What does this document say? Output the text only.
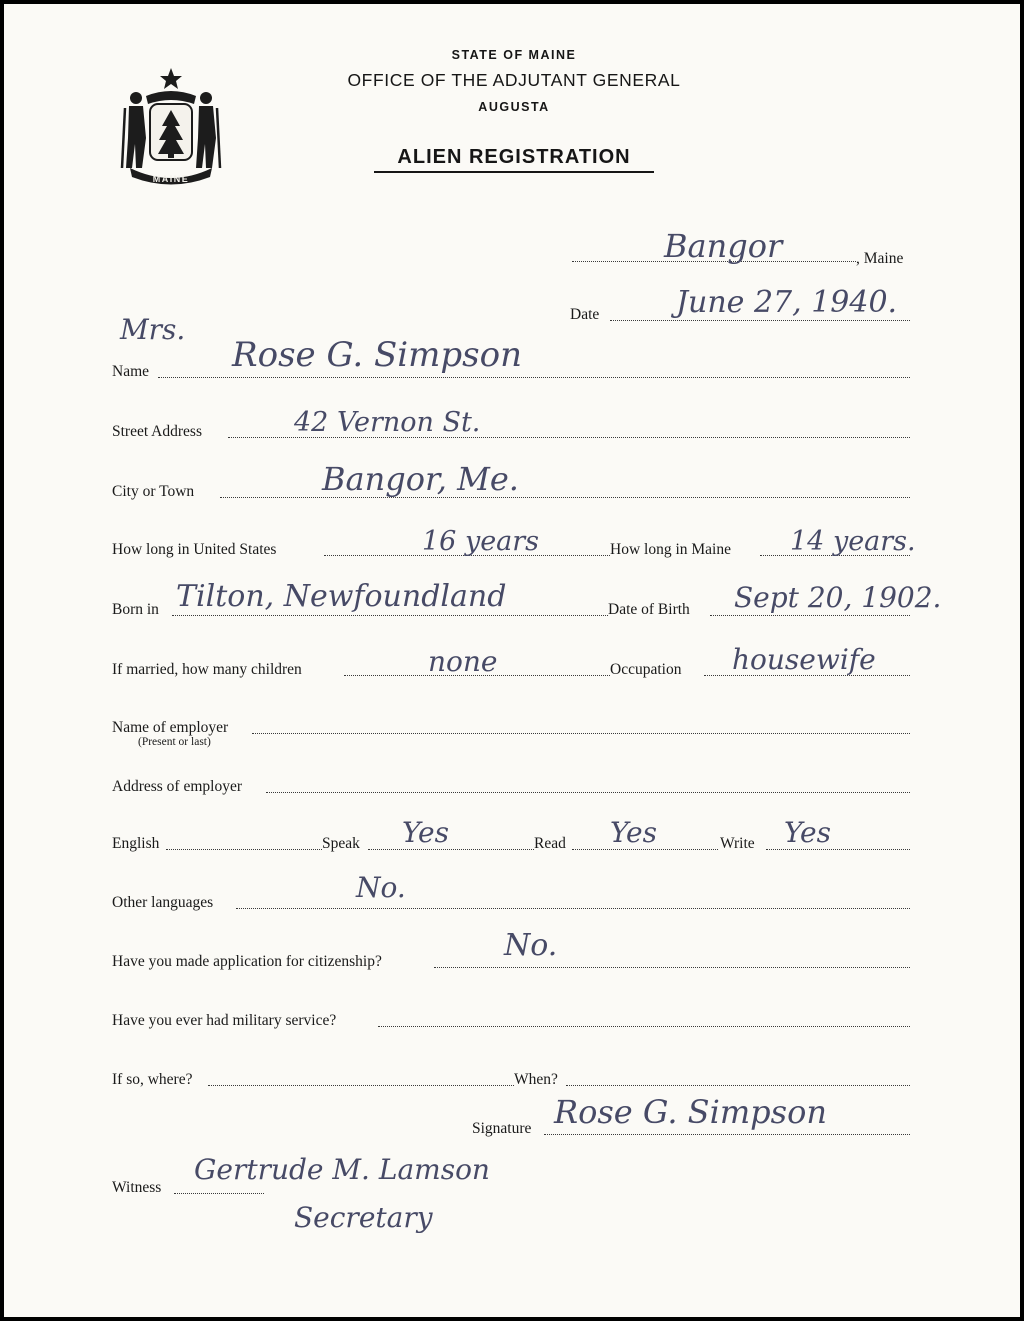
MAINE
STATE OF MAINE
OFFICE OF THE ADJUTANT GENERAL
AUGUSTA
ALIEN REGISTRATION
Bangor	, Maine
Date	June 27, 1940.
Mrs.
Name Rose G. Simpson
Street Address	42 Vernon St.
City or Town	Bangor, Me.
How long in United States	16 years	How long in Maine 14 years.
Born in Tilton, Newfoundland	Date of Birth Sept 20, 1902.
If married, how many children	none	Occupation housewife
Name of employer
(Present or last)
Address of employer
English	Speak Yes	Read Yes	Write Yes
Other languages	No.
Have you made application for citizenship?	No.
Have you ever had military service?
If so, where?	When?
Signature Rose G. Simpson
Witness
Gertrude M. Lamson
Secretary
